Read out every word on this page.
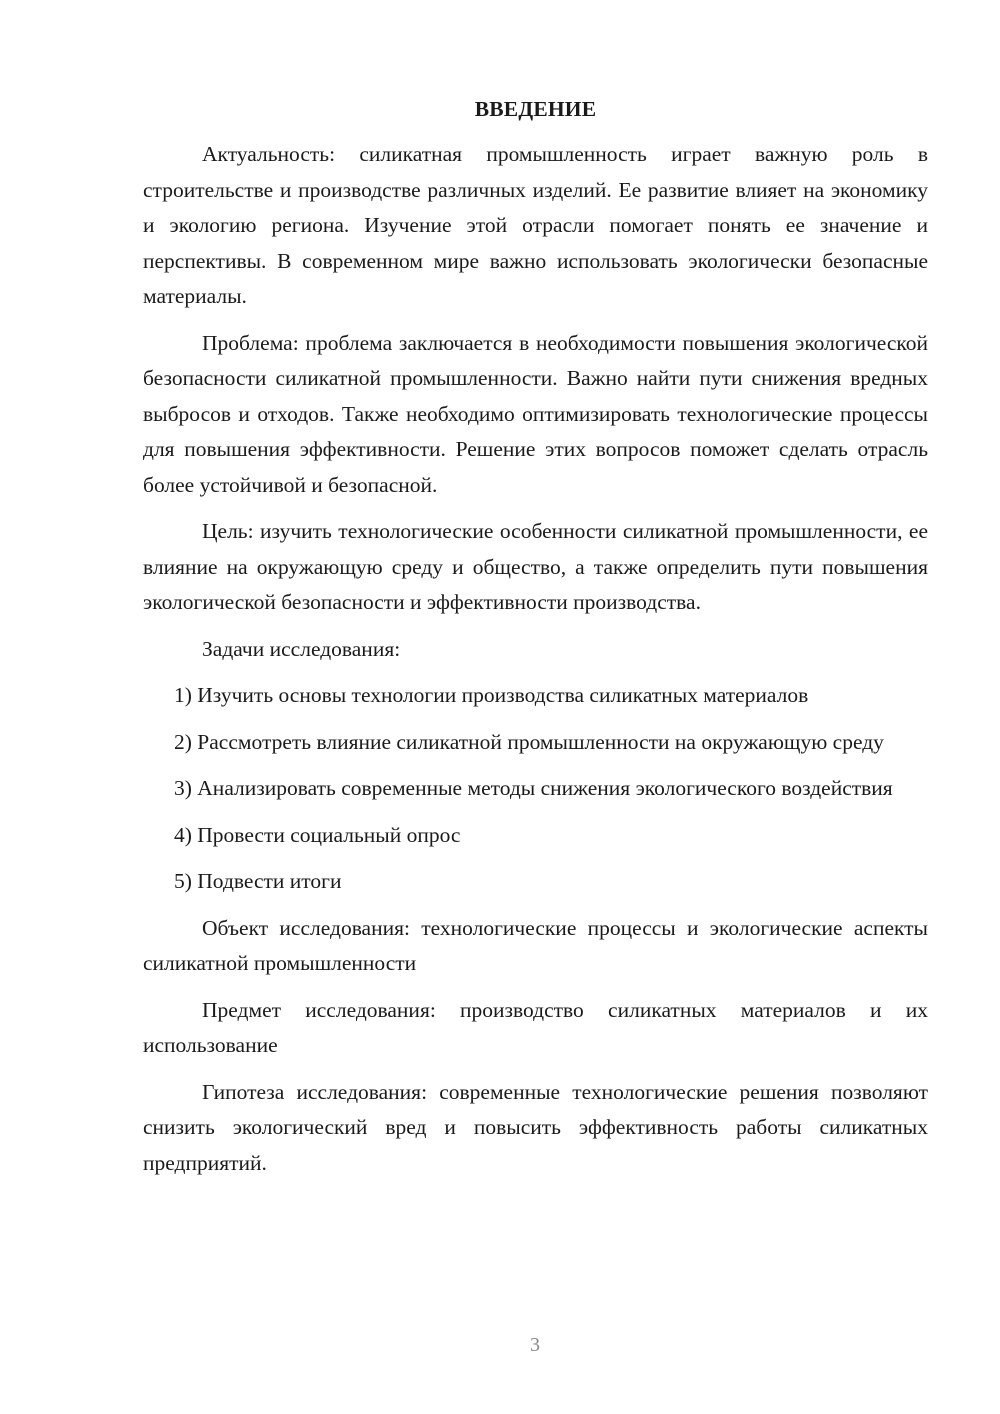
ВВЕДЕНИЕ

Актуальность: силикатная промышленность играет важную роль в строительстве и производстве различных изделий. Ее развитие влияет на экономику и экологию региона. Изучение этой отрасли помогает понять ее значение и перспективы. В современном мире важно использовать экологически безопасные материалы.

Проблема: проблема заключается в необходимости повышения экологической безопасности силикатной промышленности. Важно найти пути снижения вредных выбросов и отходов. Также необходимо оптимизировать технологические процессы для повышения эффективности. Решение этих вопросов поможет сделать отрасль более устойчивой и безопасной.

Цель: изучить технологические особенности силикатной промышленности, ее влияние на окружающую среду и общество, а также определить пути повышения экологической безопасности и эффективности производства.

Задачи исследования:

1) Изучить основы технологии производства силикатных материалов

2) Рассмотреть влияние силикатной промышленности на окружающую среду

3) Анализировать современные методы снижения экологического воздействия

4) Провести социальный опрос

5) Подвести итоги

Объект исследования: технологические процессы и экологические аспекты силикатной промышленности

Предмет исследования: производство силикатных материалов и их использование

Гипотеза исследования: современные технологические решения позволяют снизить экологический вред и повысить эффективность работы силикатных предприятий.

3
